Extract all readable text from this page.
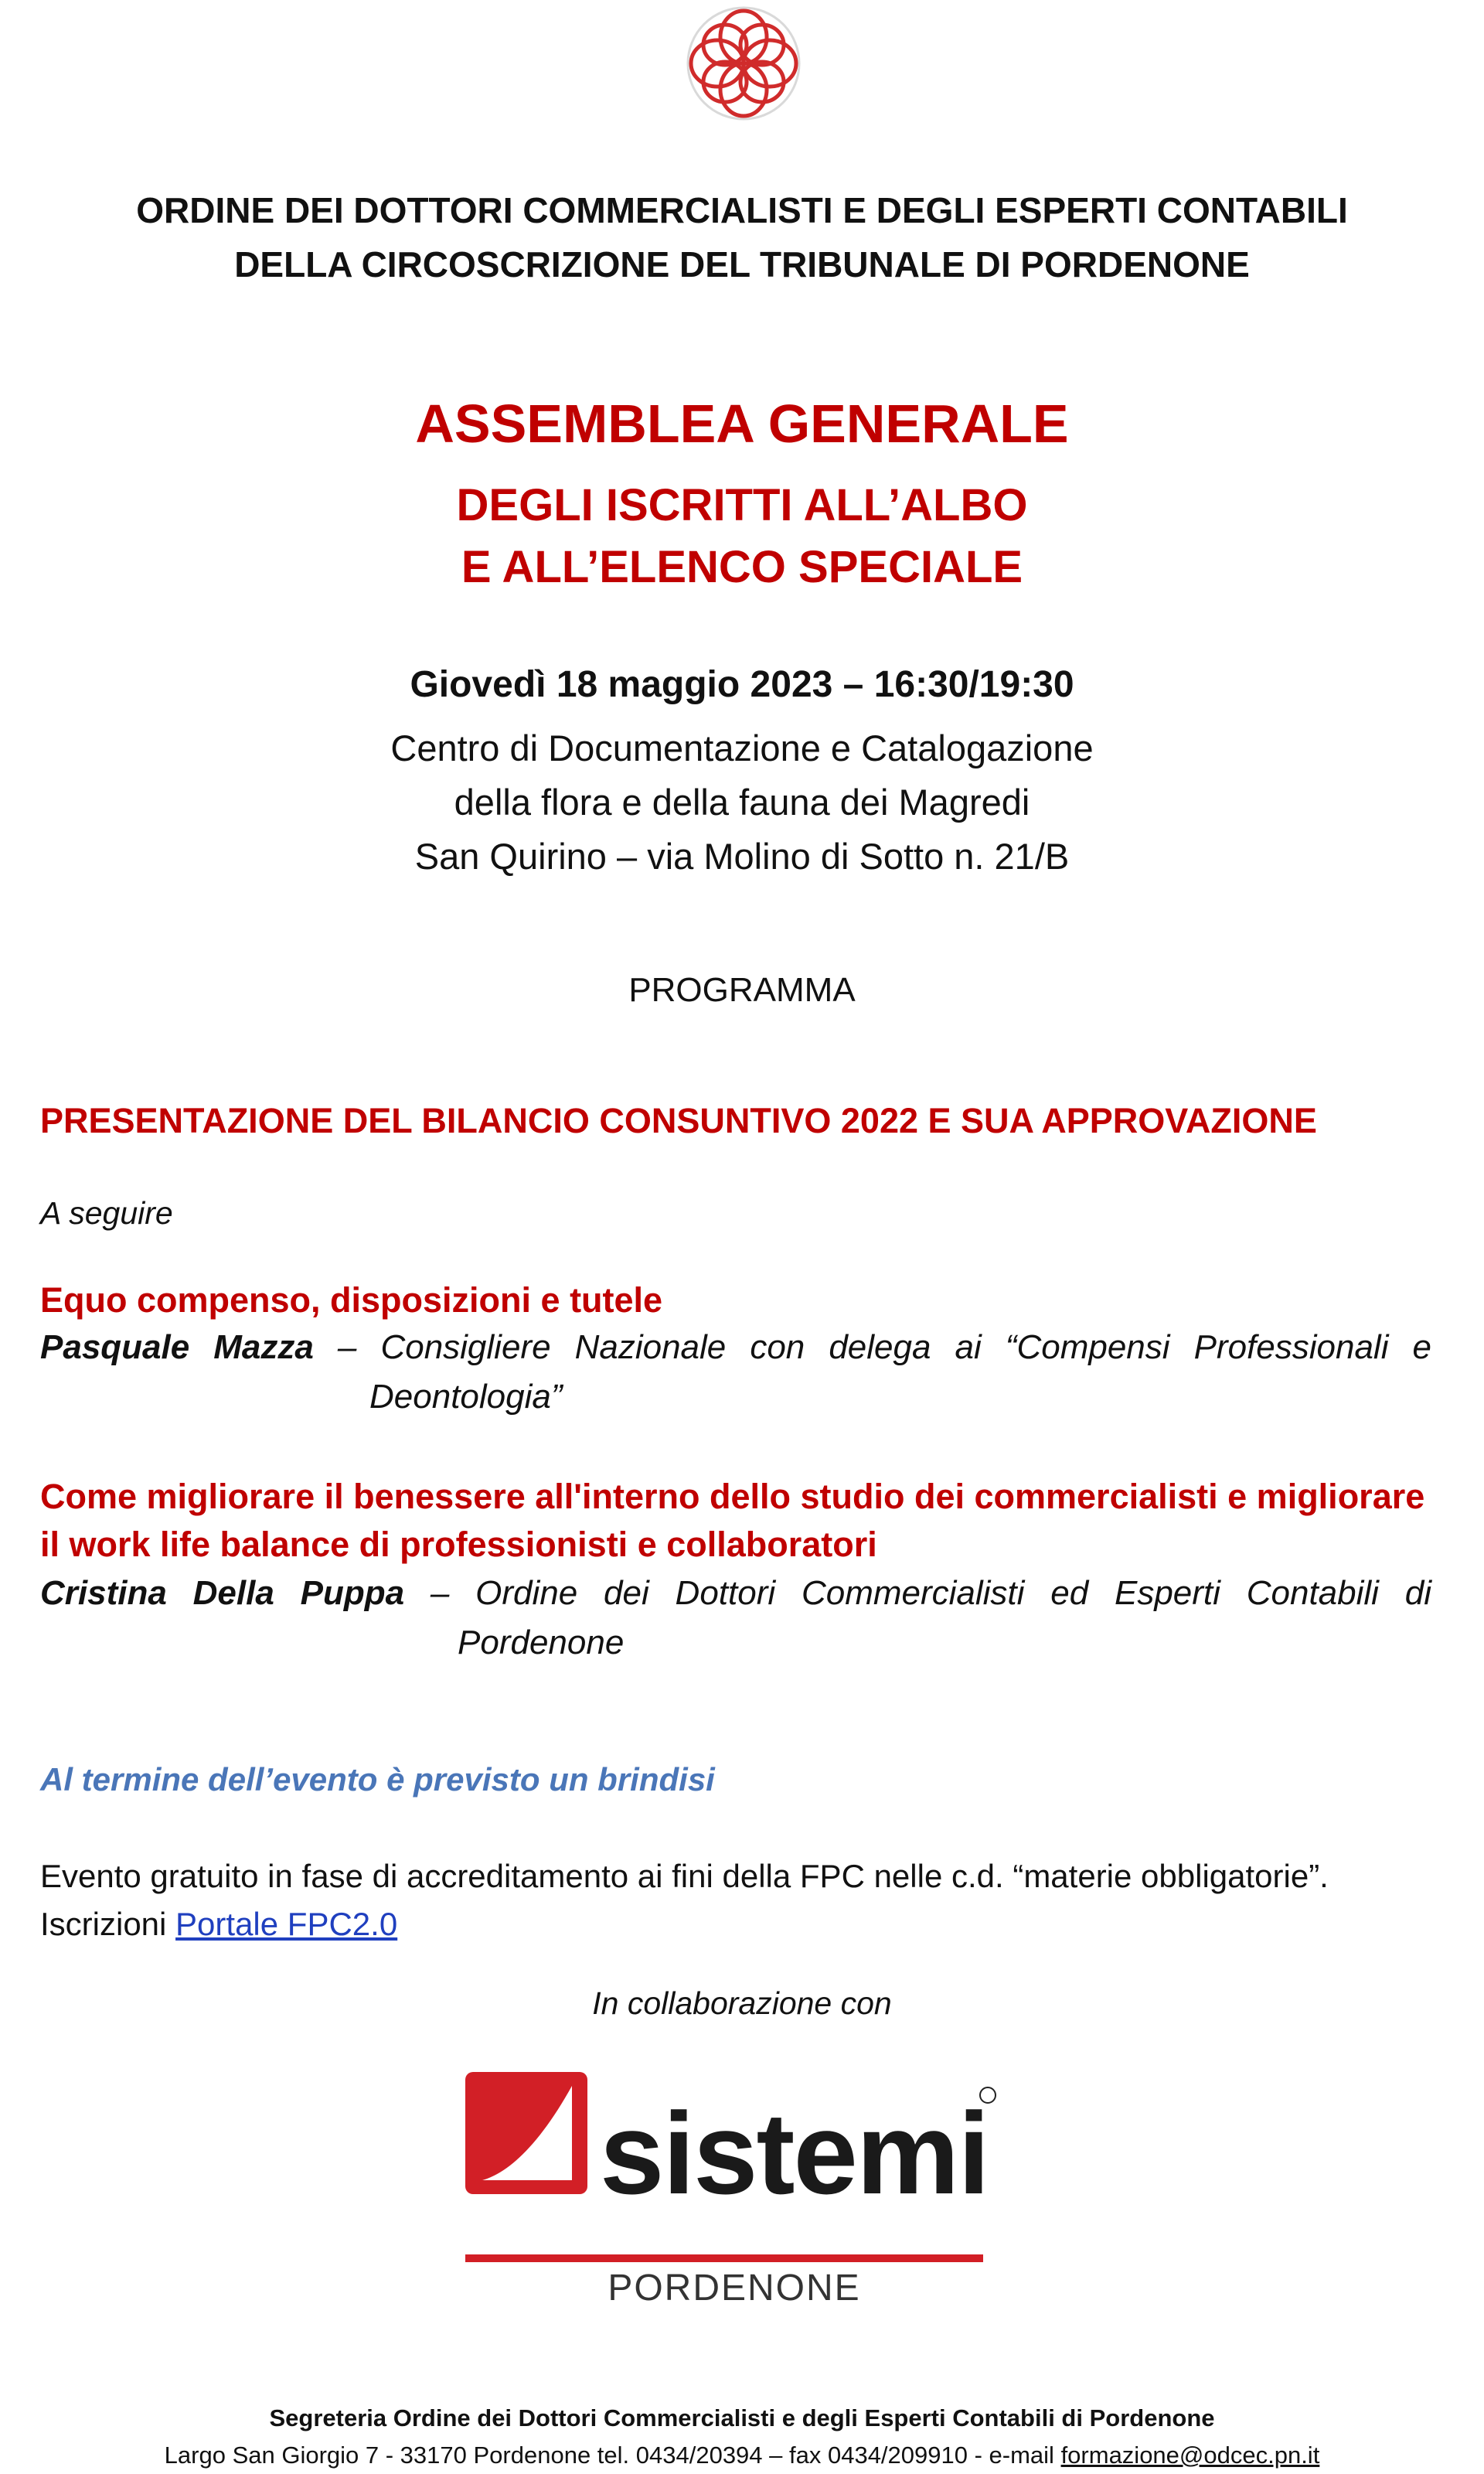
ORDINE DEI DOTTORI COMMERCIALISTI E DEGLI ESPERTI CONTABILI
DELLA CIRCOSCRIZIONE DEL TRIBUNALE DI PORDENONE
ASSEMBLEA GENERALE
DEGLI ISCRITTI ALL’ALBO
E ALL’ELENCO SPECIALE
Giovedì 18 maggio 2023 – 16:30/19:30
Centro di Documentazione e Catalogazione
della flora e della fauna dei Magredi
San Quirino – via Molino di Sotto n. 21/B
PROGRAMMA
PRESENTAZIONE DEL BILANCIO CONSUNTIVO 2022 E SUA APPROVAZIONE
A seguire
Equo compenso, disposizioni e tutele
Pasquale Mazza – Consigliere Nazionale con delega ai “Compensi Professionali e
Deontologia”
Come migliorare il benessere all'interno dello studio dei commercialisti e migliorare
il work life balance di professionisti e collaboratori
Cristina Della Puppa – Ordine dei Dottori Commercialisti ed Esperti Contabili di
Pordenone
Al termine dell’evento è previsto un brindisi
Evento gratuito in fase di accreditamento ai fini della FPC nelle c.d. “materie obbligatorie”.
Iscrizioni Portale FPC2.0
In collaborazione con
sistemi
PORDENONE
Segreteria Ordine dei Dottori Commercialisti e degli Esperti Contabili di Pordenone
Largo San Giorgio 7 - 33170 Pordenone tel. 0434/20394 – fax 0434/209910 - e-mail formazione@odcec.pn.it
